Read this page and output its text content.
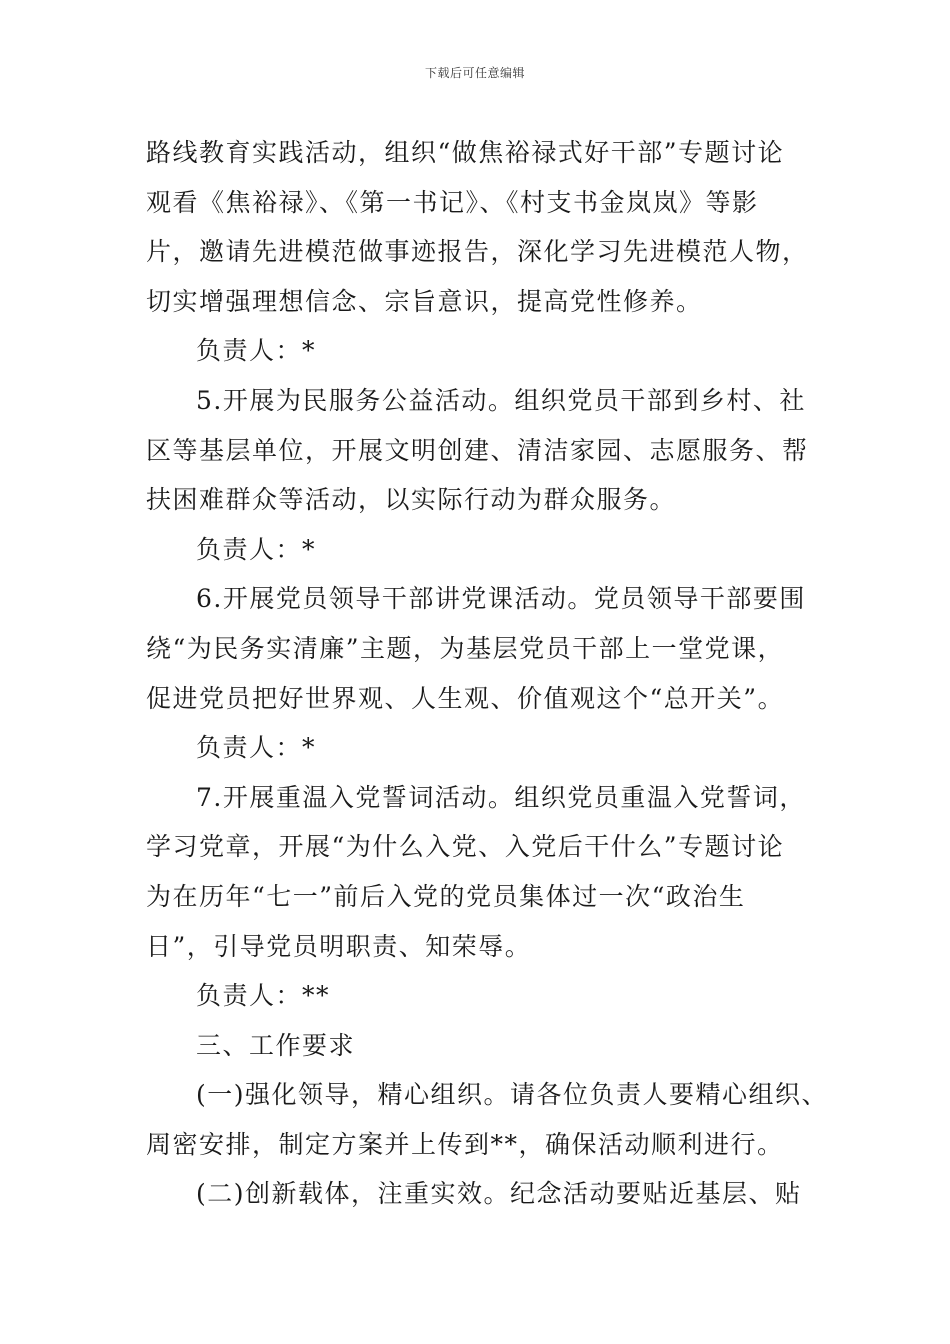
下载后可任意编辑
路线教育实践活动，组织“做焦裕禄式好干部”专题讨论
观看《焦裕禄》、《第一书记》、《村支书金岚岚》等影
片，邀请先进模范做事迹报告，深化学习先进模范人物，
切实增强理想信念、宗旨意识，提高党性修养。
负责人：*
5.开展为民服务公益活动。组织党员干部到乡村、社
区等基层单位，开展文明创建、清洁家园、志愿服务、帮
扶困难群众等活动，以实际行动为群众服务。
负责人：*
6.开展党员领导干部讲党课活动。党员领导干部要围
绕“为民务实清廉”主题，为基层党员干部上一堂党课，
促进党员把好世界观、人生观、价值观这个“总开关”。
负责人：*
7.开展重温入党誓词活动。组织党员重温入党誓词，
学习党章，开展“为什么入党、入党后干什么”专题讨论
为在历年“七一”前后入党的党员集体过一次“政治生
日”，引导党员明职责、知荣辱。
负责人：**
三、工作要求
(一)强化领导，精心组织。请各位负责人要精心组织、
周密安排，制定方案并上传到**，确保活动顺利进行。
(二)创新载体，注重实效。纪念活动要贴近基层、贴
